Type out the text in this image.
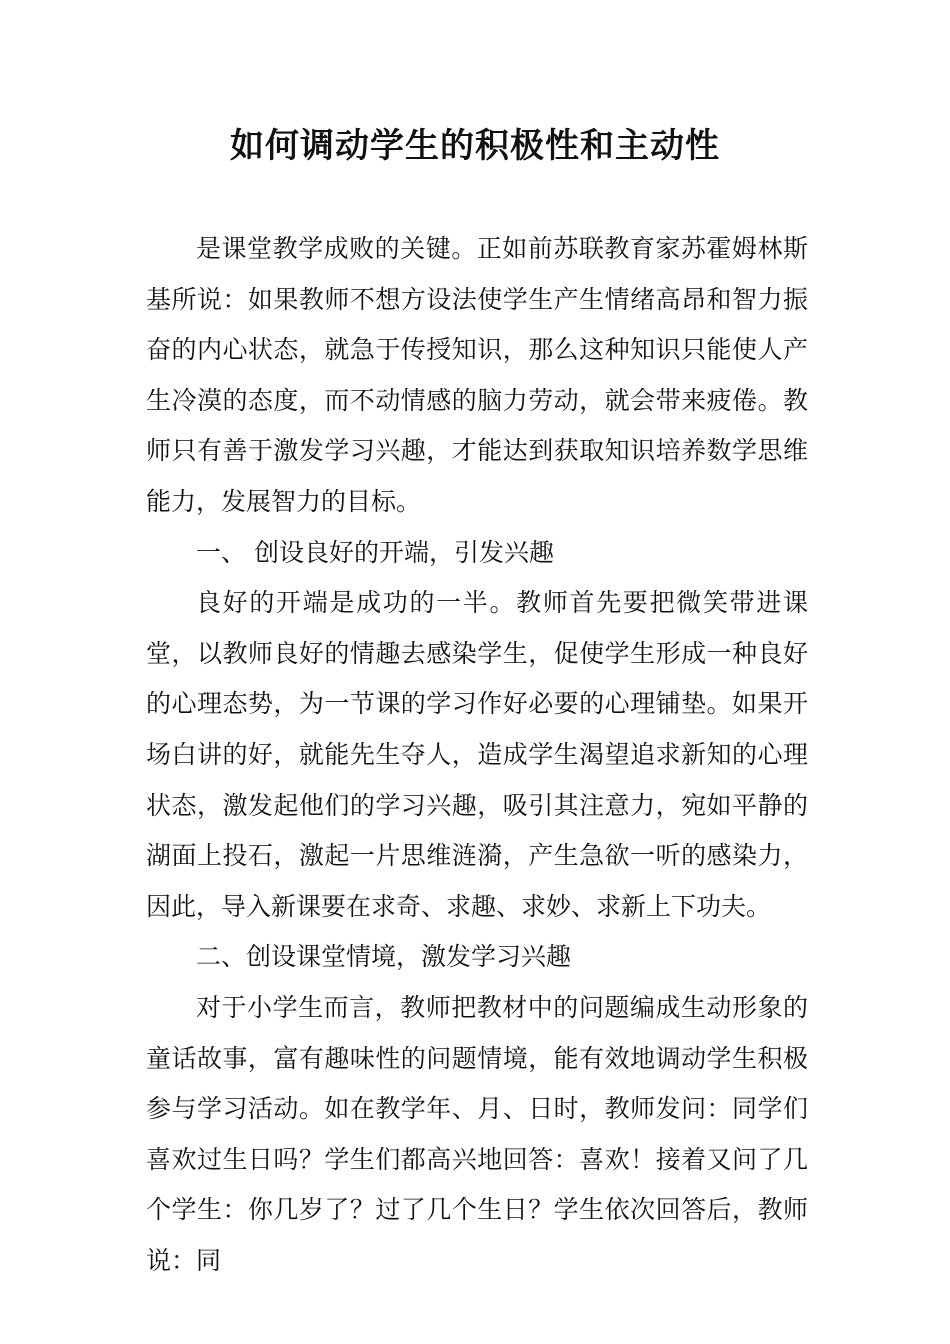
如何调动学生的积极性和主动性

是课堂教学成败的关键。正如前苏联教育家苏霍姆林斯基所说：如果教师不想方设法使学生产生情绪高昂和智力振奋的内心状态，就急于传授知识，那么这种知识只能使人产生冷漠的态度，而不动情感的脑力劳动，就会带来疲倦。教师只有善于激发学习兴趣，才能达到获取知识培养数学思维能力，发展智力的目标。

一、 创设良好的开端，引发兴趣

良好的开端是成功的一半。教师首先要把微笑带进课堂，以教师良好的情趣去感染学生，促使学生形成一种良好的心理态势，为一节课的学习作好必要的心理铺垫。如果开场白讲的好，就能先生夺人，造成学生渴望追求新知的心理状态，激发起他们的学习兴趣，吸引其注意力，宛如平静的湖面上投石，激起一片思维涟漪，产生急欲一听的感染力，因此，导入新课要在求奇、求趣、求妙、求新上下功夫。

二、创设课堂情境，激发学习兴趣

对于小学生而言，教师把教材中的问题编成生动形象的童话故事，富有趣味性的问题情境，能有效地调动学生积极参与学习活动。如在教学年、月、日时，教师发问：同学们喜欢过生日吗？学生们都高兴地回答：喜欢！接着又问了几个学生：你几岁了？过了几个生日？学生依次回答后，教师说：同
